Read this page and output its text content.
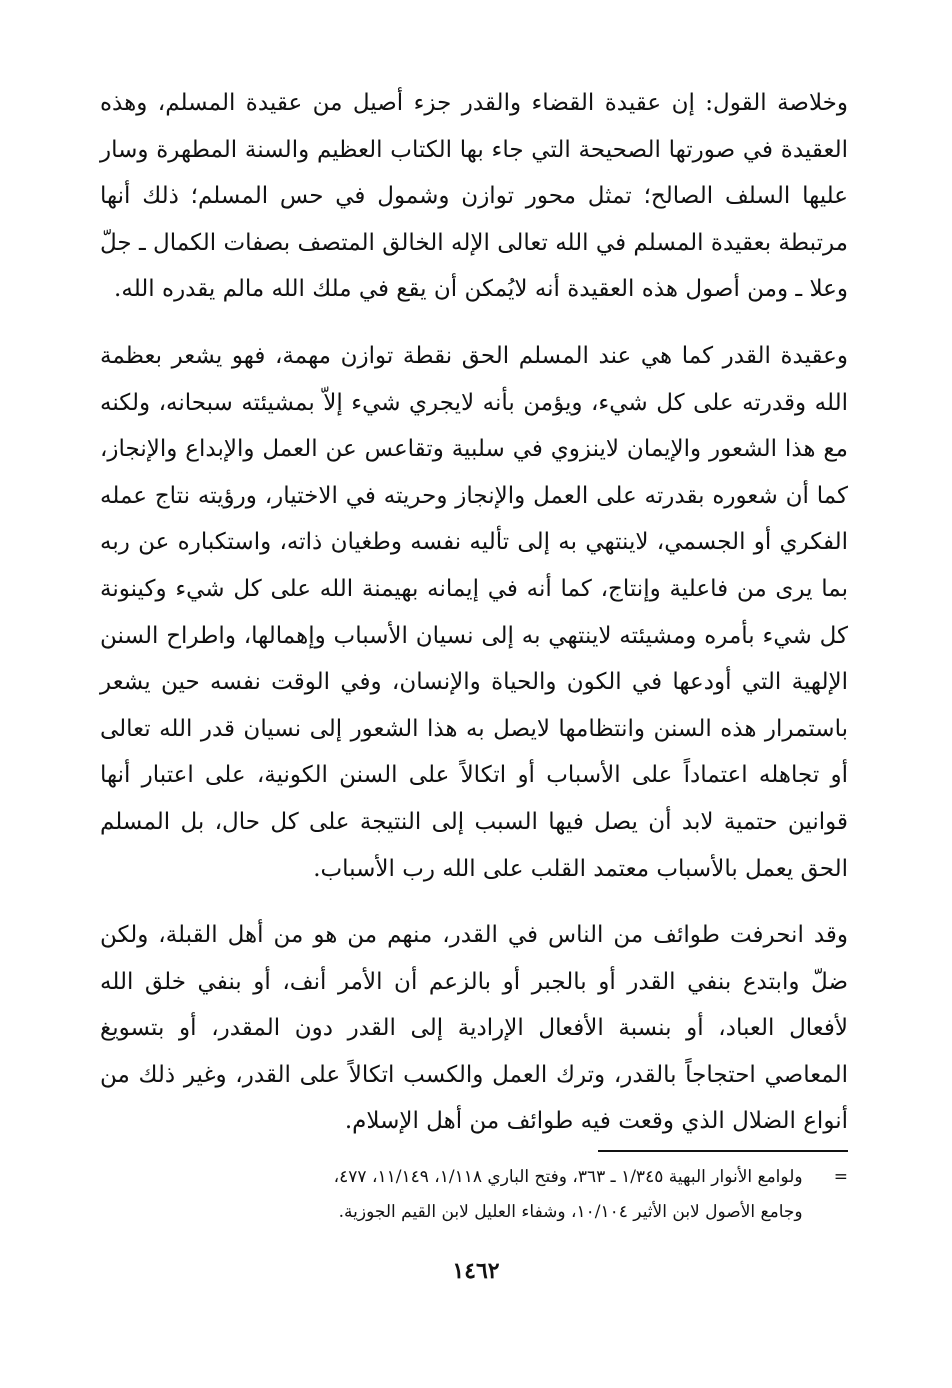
وخلاصة القول: إن عقيدة القضاء والقدر جزء أصيل من عقيدة المسلم، وهذه العقيدة في صورتها الصحيحة التي جاء بها الكتاب العظيم والسنة المطهرة وسار عليها السلف الصالح؛ تمثل محور توازن وشمول في حس المسلم؛ ذلك أنها مرتبطة بعقيدة المسلم في الله تعالى الإله الخالق المتصف بصفات الكمال ـ جلّ وعلا ـ ومن أصول هذه العقيدة أنه لايُمكن أن يقع في ملك الله مالم يقدره الله.

وعقيدة القدر كما هي عند المسلم الحق نقطة توازن مهمة، فهو يشعر بعظمة الله وقدرته على كل شيء، ويؤمن بأنه لايجري شيء إلاّ بمشيئته سبحانه، ولكنه مع هذا الشعور والإيمان لاينزوي في سلبية وتقاعس عن العمل والإبداع والإنجاز، كما أن شعوره بقدرته على العمل والإنجاز وحريته في الاختيار، ورؤيته نتاج عمله الفكري أو الجسمي، لاينتهي به إلى تأليه نفسه وطغيان ذاته، واستكباره عن ربه بما يرى من فاعلية وإنتاج، كما أنه في إيمانه بهيمنة الله على كل شيء وكينونة كل شيء بأمره ومشيئته لاينتهي به إلى نسيان الأسباب وإهمالها، واطراح السنن الإلهية التي أودعها في الكون والحياة والإنسان، وفي الوقت نفسه حين يشعر باستمرار هذه السنن وانتظامها لايصل به هذا الشعور إلى نسيان قدر الله تعالى أو تجاهله اعتماداً على الأسباب أو اتكالاً على السنن الكونية، على اعتبار أنها قوانين حتمية لابد أن يصل فيها السبب إلى النتيجة على كل حال، بل المسلم الحق يعمل بالأسباب معتمد القلب على الله رب الأسباب.

وقد انحرفت طوائف من الناس في القدر، منهم من هو من أهل القبلة، ولكن ضلّ وابتدع بنفي القدر أو بالجبر أو بالزعم أن الأمر أنف، أو بنفي خلق الله لأفعال العباد، أو بنسبة الأفعال الإرادية إلى القدر دون المقدر، أو بتسويغ المعاصي احتجاجاً بالقدر، وترك العمل والكسب اتكالاً على القدر، وغير ذلك من أنواع الضلال الذي وقعت فيه طوائف من أهل الإسلام.

= ولوامع الأنوار البهية ١/٣٤٥ ـ ٣٦٣، وفتح الباري ١/١١٨، ١١/١٤٩، ٤٧٧،
وجامع الأصول لابن الأثير ١٠/١٠٤، وشفاء العليل لابن القيم الجوزية.
١٤٦٢
